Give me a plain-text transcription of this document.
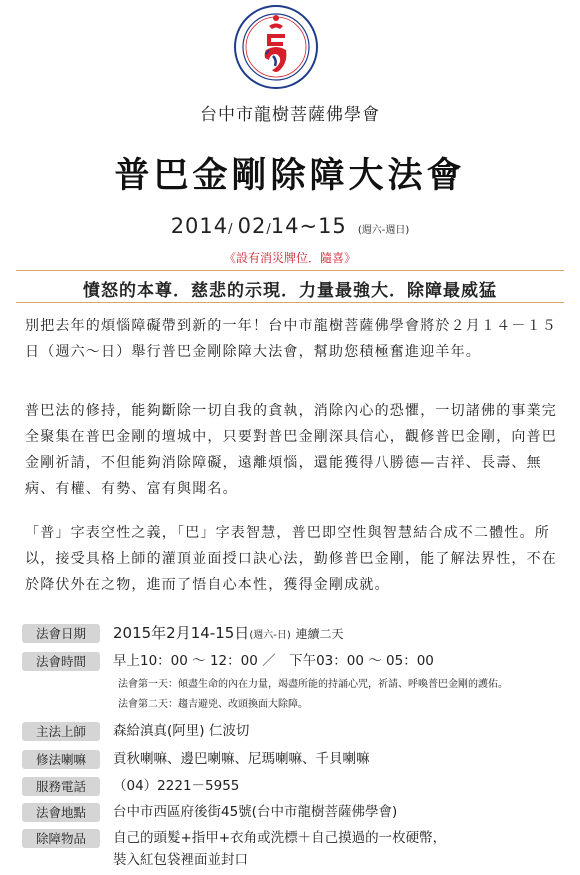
台中市龍樹菩薩佛學會
普巴金剛除障大法會
2014/ 02/14~15 (週六-週日)
《設有消災牌位．隨喜》
憤怒的本尊．慈悲的示現．力量最強大．除障最威猛
別把去年的煩惱障礙帶到新的一年！台中市龍樹菩薩佛學會將於２月１４－１５日（週六～日）舉行普巴金剛除障大法會，幫助您積極奮進迎羊年。
普巴法的修持，能夠斷除一切自我的貪執，消除內心的恐懼，一切諸佛的事業完全聚集在普巴金剛的壇城中，只要對普巴金剛深具信心，觀修普巴金剛，向普巴金剛祈請，不但能夠消除障礙，遠離煩惱，還能獲得八勝德—吉祥、長壽、無病、有權、有勢、富有與聞名。
「普」字表空性之義，「巴」字表智慧，普巴即空性與智慧結合成不二體性。所以，接受具格上師的灌頂並面授口訣心法，勤修普巴金剛，能了解法界性，不在於降伏外在之物，進而了悟自心本性，獲得金剛成就。
法會日期	2015年2月14-15日(週六-日) 連續二天
法會時間	早上10：00 ～ 12：00 ／　下午03：00 ～ 05：00
法會第一天：傾盡生命的內在力量，竭盡所能的持誦心咒，祈請、呼喚普巴金剛的護佑。
法會第二天：趨吉避兇、改頭換面大除障。
主法上師	森給滇真(阿里) 仁波切
修法喇嘛	貢秋喇嘛、邊巴喇嘛、尼瑪喇嘛、千貝喇嘛
服務電話	（04）2221－5955
法會地點	台中市西區府後街45號(台中市龍樹菩薩佛學會)
除障物品	自己的頭髮+指甲+衣角或洗標＋自己摸過的一枚硬幣，
裝入紅包袋裡面並封口
